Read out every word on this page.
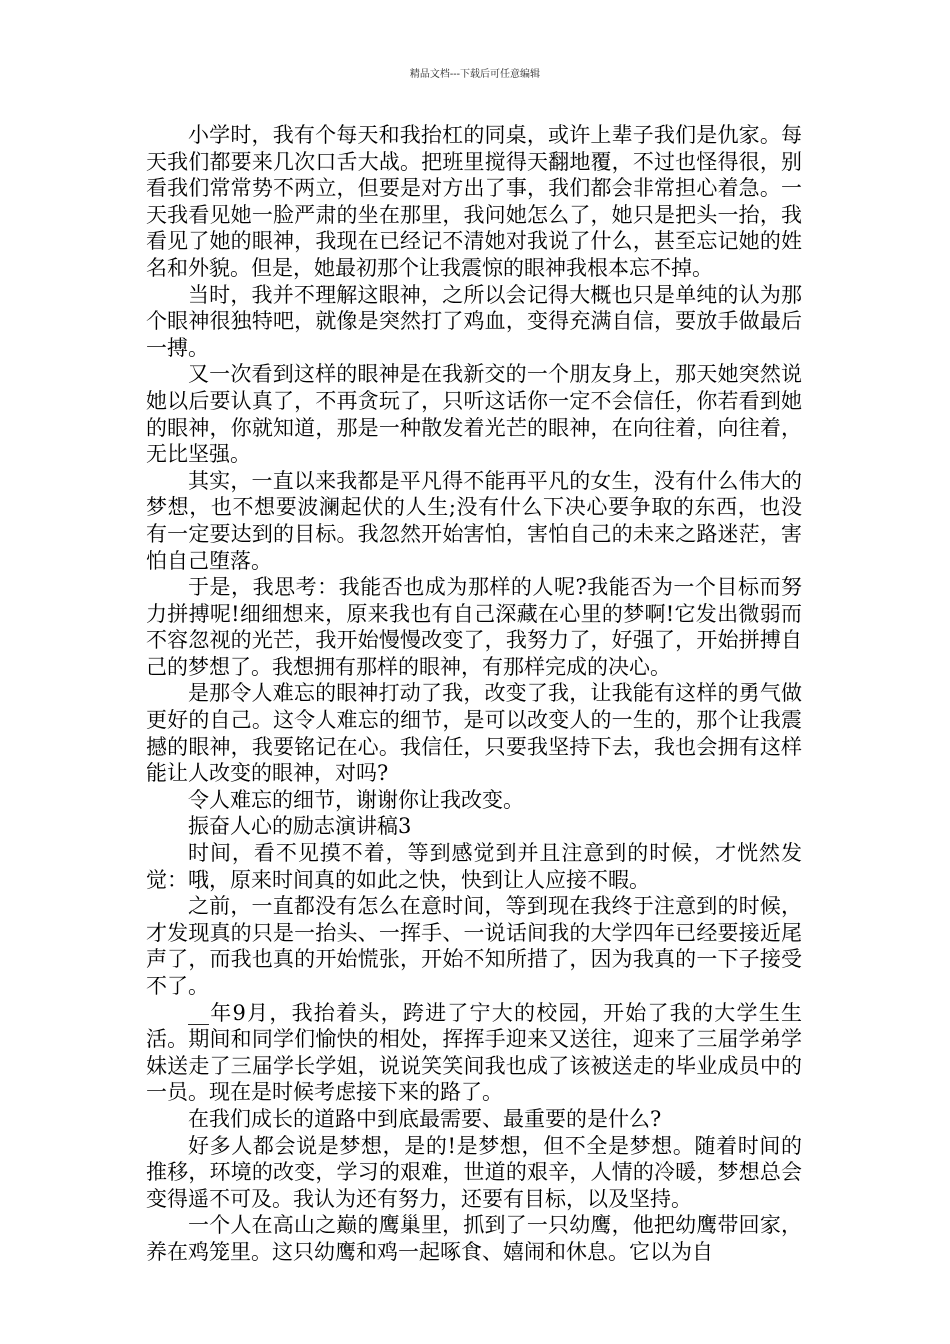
精品文档---下载后可任意编辑

小学时，我有个每天和我抬杠的同桌，或许上辈子我们是仇家。每天我们都要来几次口舌大战。把班里搅得天翻地覆，不过也怪得很，别看我们常常势不两立，但要是对方出了事，我们都会非常担心着急。一天我看见她一脸严肃的坐在那里，我问她怎么了，她只是把头一抬，我看见了她的眼神，我现在已经记不清她对我说了什么，甚至忘记她的姓名和外貌。但是，她最初那个让我震惊的眼神我根本忘不掉。

当时，我并不理解这眼神，之所以会记得大概也只是单纯的认为那个眼神很独特吧，就像是突然打了鸡血，变得充满自信，要放手做最后一搏。

又一次看到这样的眼神是在我新交的一个朋友身上，那天她突然说她以后要认真了，不再贪玩了，只听这话你一定不会信任，你若看到她的眼神，你就知道，那是一种散发着光芒的眼神，在向往着，向往着，无比坚强。

其实，一直以来我都是平凡得不能再平凡的女生，没有什么伟大的梦想，也不想要波澜起伏的人生;没有什么下决心要争取的东西，也没有一定要达到的目标。我忽然开始害怕，害怕自己的未来之路迷茫，害怕自己堕落。

于是，我思考：我能否也成为那样的人呢?我能否为一个目标而努力拼搏呢!细细想来，原来我也有自己深藏在心里的梦啊!它发出微弱而不容忽视的光芒，我开始慢慢改变了，我努力了，好强了，开始拼搏自己的梦想了。我想拥有那样的眼神，有那样完成的决心。

是那令人难忘的眼神打动了我，改变了我，让我能有这样的勇气做更好的自己。这令人难忘的细节，是可以改变人的一生的，那个让我震撼的眼神，我要铭记在心。我信任，只要我坚持下去，我也会拥有这样能让人改变的眼神，对吗?

令人难忘的细节，谢谢你让我改变。

振奋人心的励志演讲稿3

时间，看不见摸不着，等到感觉到并且注意到的时候，才恍然发觉：哦，原来时间真的如此之快，快到让人应接不暇。

之前，一直都没有怎么在意时间，等到现在我终于注意到的时候，才发现真的只是一抬头、一挥手、一说话间我的大学四年已经要接近尾声了，而我也真的开始慌张，开始不知所措了，因为我真的一下子接受不了。

__年9月，我抬着头，跨进了宁大的校园，开始了我的大学生生活。期间和同学们愉快的相处，挥挥手迎来又送往，迎来了三届学弟学妹送走了三届学长学姐，说说笑笑间我也成了该被送走的毕业成员中的一员。现在是时候考虑接下来的路了。

在我们成长的道路中到底最需要、最重要的是什么?

好多人都会说是梦想，是的!是梦想，但不全是梦想。随着时间的推移，环境的改变，学习的艰难，世道的艰辛，人情的冷暖，梦想总会变得遥不可及。我认为还有努力，还要有目标，以及坚持。

一个人在高山之巅的鹰巢里，抓到了一只幼鹰，他把幼鹰带回家，养在鸡笼里。这只幼鹰和鸡一起啄食、嬉闹和休息。它以为自
